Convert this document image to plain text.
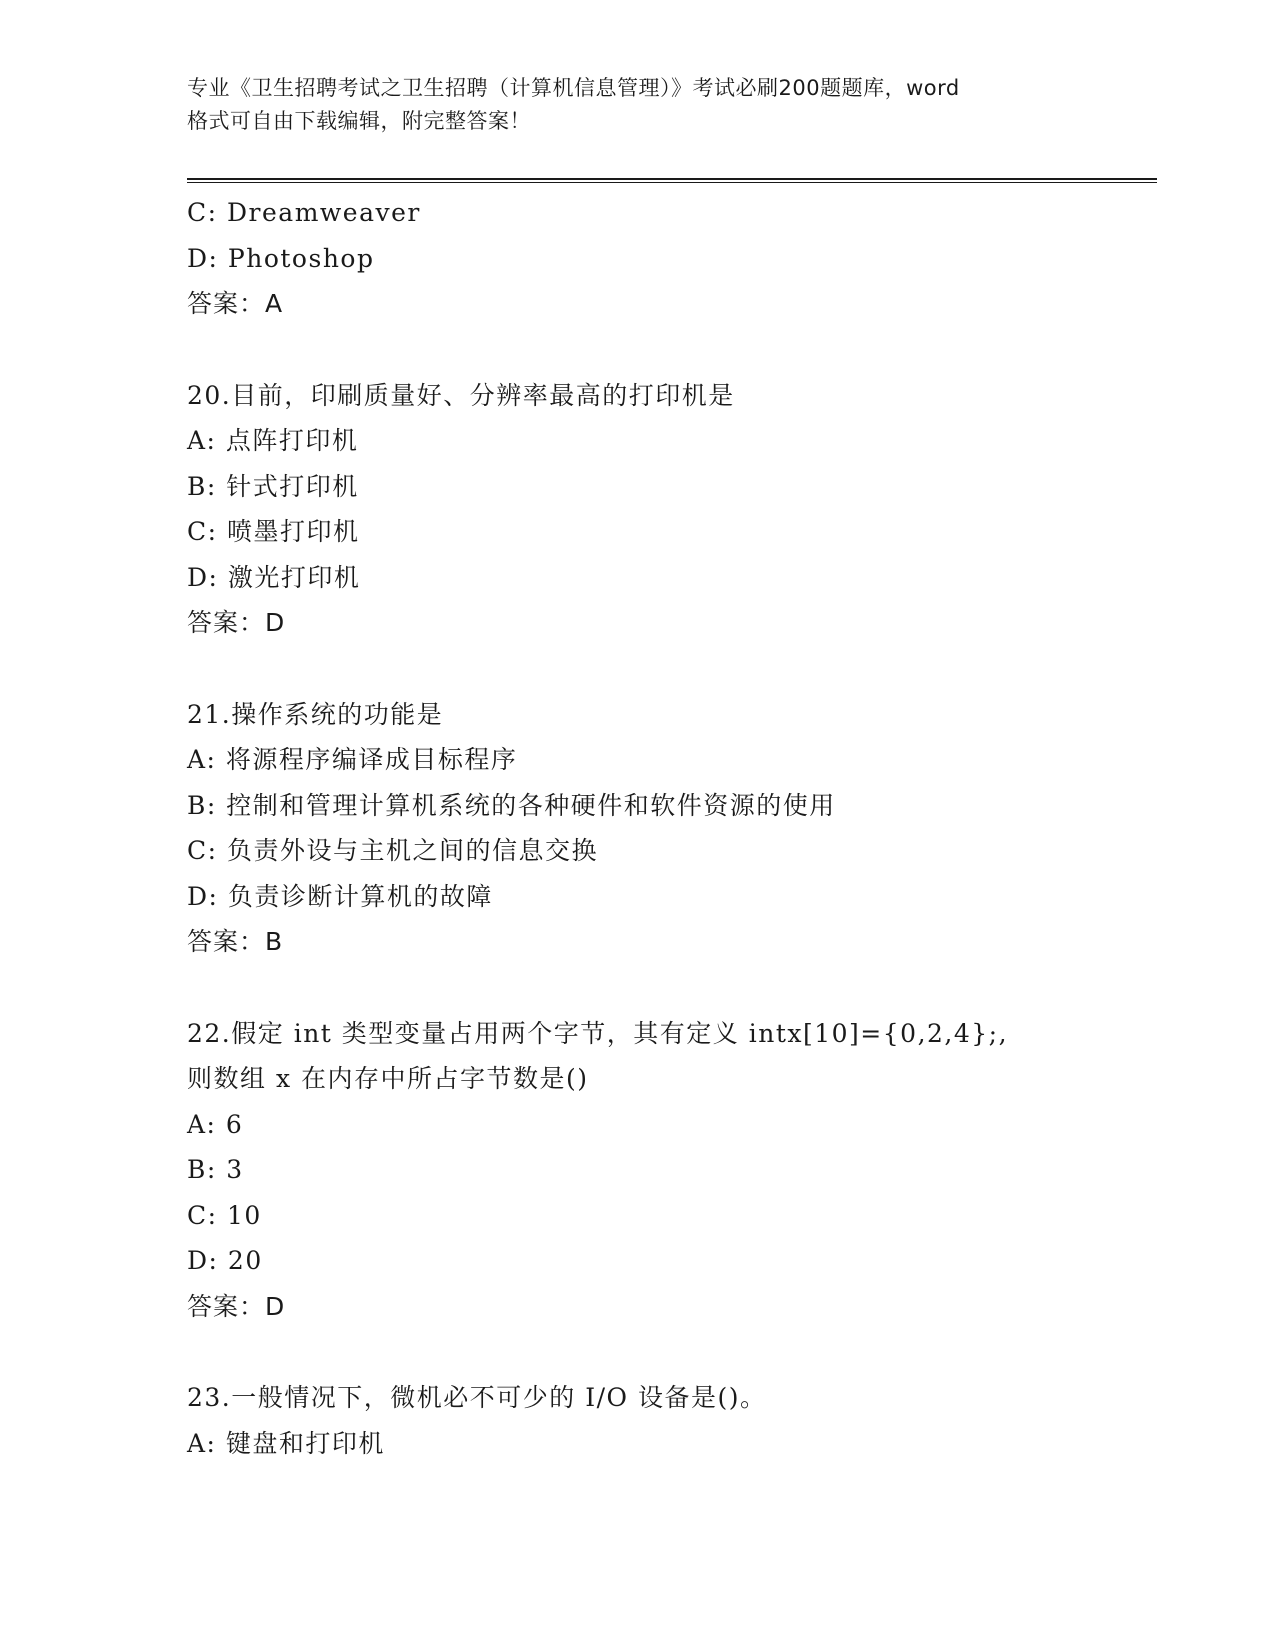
专业《卫生招聘考试之卫生招聘（计算机信息管理）》考试必刷200题题库，word
格式可自由下载编辑，附完整答案！
C: Dreamweaver
D: Photoshop
答案：A
20.目前，印刷质量好、分辨率最高的打印机是
A: 点阵打印机
B: 针式打印机
C: 喷墨打印机
D: 激光打印机
答案：D
21.操作系统的功能是
A: 将源程序编译成目标程序
B: 控制和管理计算机系统的各种硬件和软件资源的使用
C: 负责外设与主机之间的信息交换
D: 负责诊断计算机的故障
答案：B
22.假定 int 类型变量占用两个字节，其有定义 intx[10]={0,2,4};,
则数组 x 在内存中所占字节数是()
A: 6
B: 3
C: 10
D: 20
答案：D
23.一般情况下，微机必不可少的 I/O 设备是()。
A: 键盘和打印机
